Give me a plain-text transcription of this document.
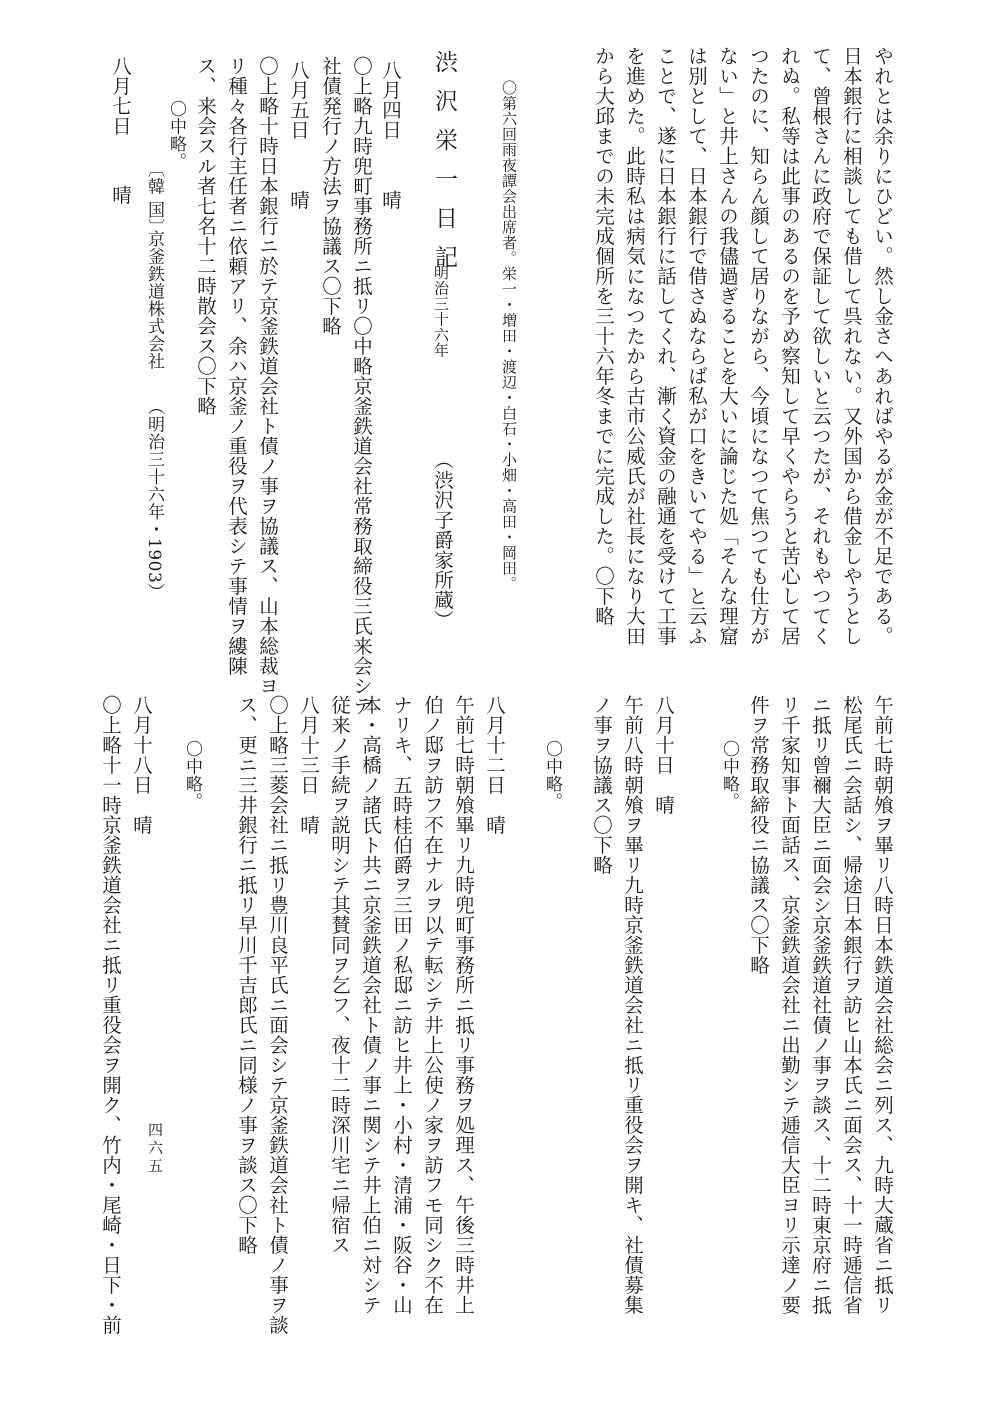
やれとは余りにひどい。然し金さへあればやるが金が不足である。
日本銀行に相談しても借して呉れない。又外国から借金しやうとし
て、曾根さんに政府で保証して欲しいと云つたが、それもやつてく
れぬ。私等は此事のあるのを予め察知して早くやらうと苦心して居
つたのに、知らん顔して居りながら、今頃になつて焦つても仕方が
ない」と井上さんの我儘過ぎることを大いに論じた処「そんな理窟
は別として、日本銀行で借さぬならば私が口をきいてやる」と云ふ
ことで、遂に日本銀行に話してくれ、漸く資金の融通を受けて工事
を進めた。此時私は病気になつたから古市公威氏が社長になり大田
から大邱までの未完成個所を三十六年冬までに完成した。〇下略
〇第六回雨夜譚会出席者。栄一・増田・渡辺・白石・小畑・高田・岡田。
渋沢栄一日記
明治三十六年
（渋沢子爵家所蔵）
八月四日
晴
〇上略九時兜町事務所ニ抵リ〇中略京釜鉄道会社常務取締役三氏来会シテ
社債発行ノ方法ヲ協議ス〇下略
八月五日
晴
〇上略十時日本銀行ニ於テ京釜鉄道会社ト債ノ事ヲ協議ス、山本総裁ヨ
リ種々各行主任者ニ依頼アリ、余ハ京釜ノ重役ヲ代表シテ事情ヲ縷陳
ス、来会スル者七名十二時散会ス〇下略
〇中略。
八月七日
晴 〔韓 国〕
京釜鉄道株式会社
（明治三十六年・1903）
午前七時朝飧ヲ畢リ八時日本鉄道会社総会ニ列ス、九時大蔵省ニ抵リ
松尾氏ニ会話シ、帰途日本銀行ヲ訪ヒ山本氏ニ面会ス、十一時逓信省
ニ抵リ曾禰大臣ニ面会シ京釜鉄道社債ノ事ヲ談ス、十二時東京府ニ抵
リ千家知事ト面話ス、京釜鉄道会社ニ出勤シテ逓信大臣ヨリ示達ノ要
件ヲ常務取締役ニ協議ス〇下略
〇中略。
八月十日　晴
午前八時朝飧ヲ畢リ九時京釜鉄道会社ニ抵リ重役会ヲ開キ、社債募集
ノ事ヲ協議ス〇下略
〇中略。
八月十二日　晴
午前七時朝飧畢リ九時兜町事務所ニ抵リ事務ヲ処理ス、午後三時井上
伯ノ邸ヲ訪フ不在ナルヲ以テ転シテ井上公使ノ家ヲ訪フモ同シク不在
ナリキ、五時桂伯爵ヲ三田ノ私邸ニ訪ヒ井上・小村・清浦・阪谷・山
本・高橋ノ諸氏ト共ニ京釜鉄道会社ト債ノ事ニ関シテ井上伯ニ対シテ
従来ノ手続ヲ説明シテ其賛同ヲ乞フ、夜十二時深川宅ニ帰宿ス
八月十三日　晴
〇上略三菱会社ニ抵リ豊川良平氏ニ面会シテ京釜鉄道会社ト債ノ事ヲ談
ス、更ニ三井銀行ニ抵リ早川千吉郎氏ニ同様ノ事ヲ談ス〇下略
〇中略。
八月十八日　晴
〇上略十一時京釜鉄道会社ニ抵リ重役会ヲ開ク、竹内・尾崎・日下・前 四六五
